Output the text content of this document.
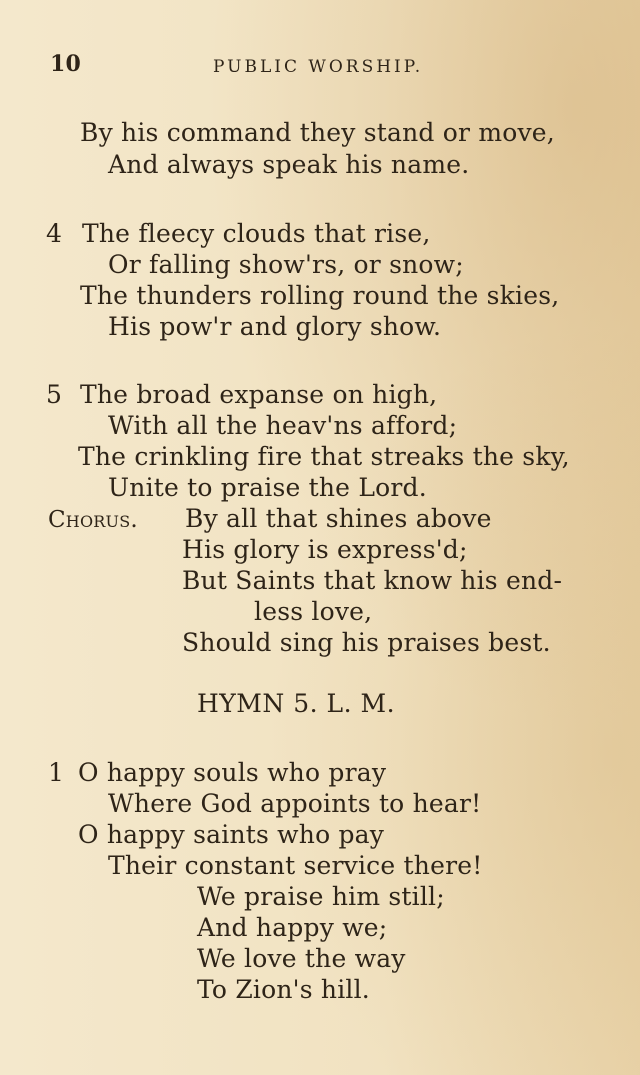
10	PUBLIC WORSHIP.
By his command they stand or move,
And always speak his name.
4 The fleecy clouds that rise,
Or falling show'rs, or snow;
The thunders rolling round the skies,
His pow'r and glory show.
5 The broad expanse on high,
With all the heav'ns afford;
The crinkling fire that streaks the sky,
Unite to praise the Lord.
Chorus. By all that shines above
His glory is express'd;
But Saints that know his end-
less love,
Should sing his praises best.
HYMN 5. L. M.
1 O happy souls who pray
Where God appoints to hear!
O happy saints who pay
Their constant service there!
We praise him still;
And happy we;
We love the way
To Zion's hill.
